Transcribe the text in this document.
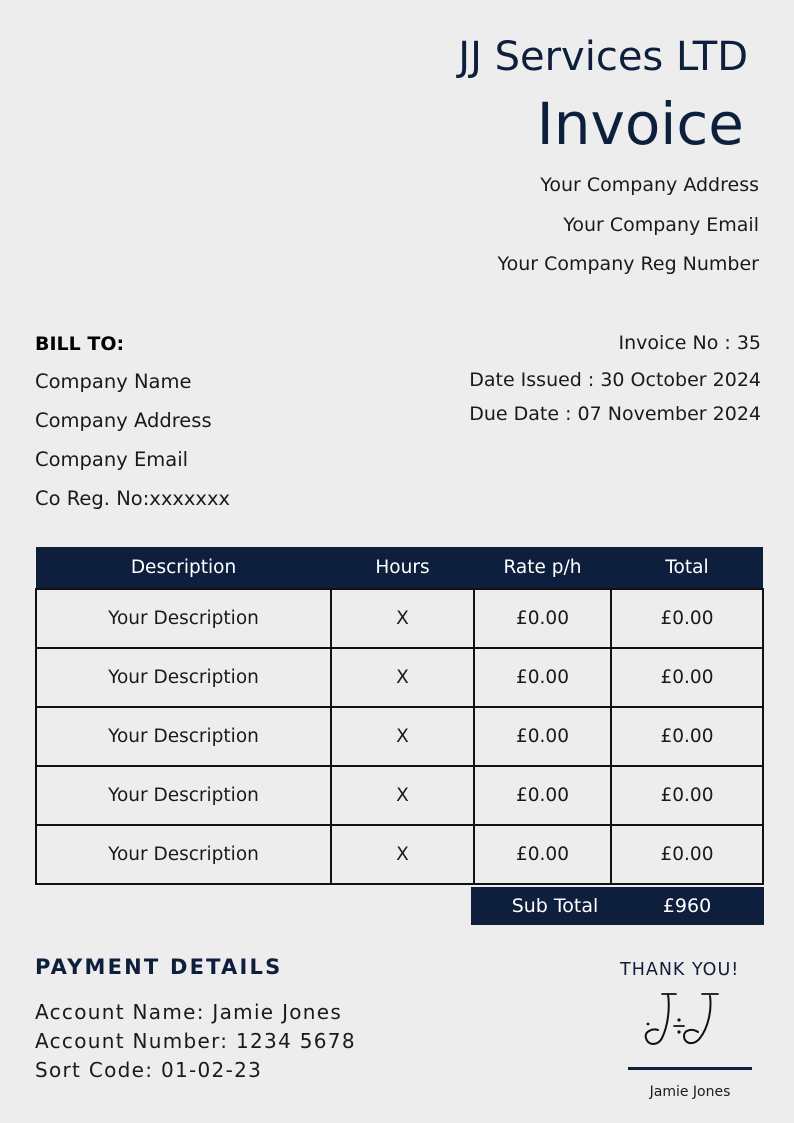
JJ Services LTD
Invoice
Your Company Address
Your Company Email
Your Company Reg Number
BILL TO:
Company Name
Company Address
Company Email
Co Reg. No:xxxxxxx
Invoice No : 35
Date Issued : 30 October 2024
Due Date : 07 November 2024
Description	Hours	Rate p/h	Total
Your Description	X	£0.00	£0.00
Your Description	X	£0.00	£0.00
Your Description	X	£0.00	£0.00
Your Description	X	£0.00	£0.00
Your Description	X	£0.00	£0.00
Sub Total	£960
PAYMENT DETAILS
Account Name: Jamie Jones
Account Number: 1234 5678
Sort Code: 01-02-23
THANK YOU!
Jamie Jones
